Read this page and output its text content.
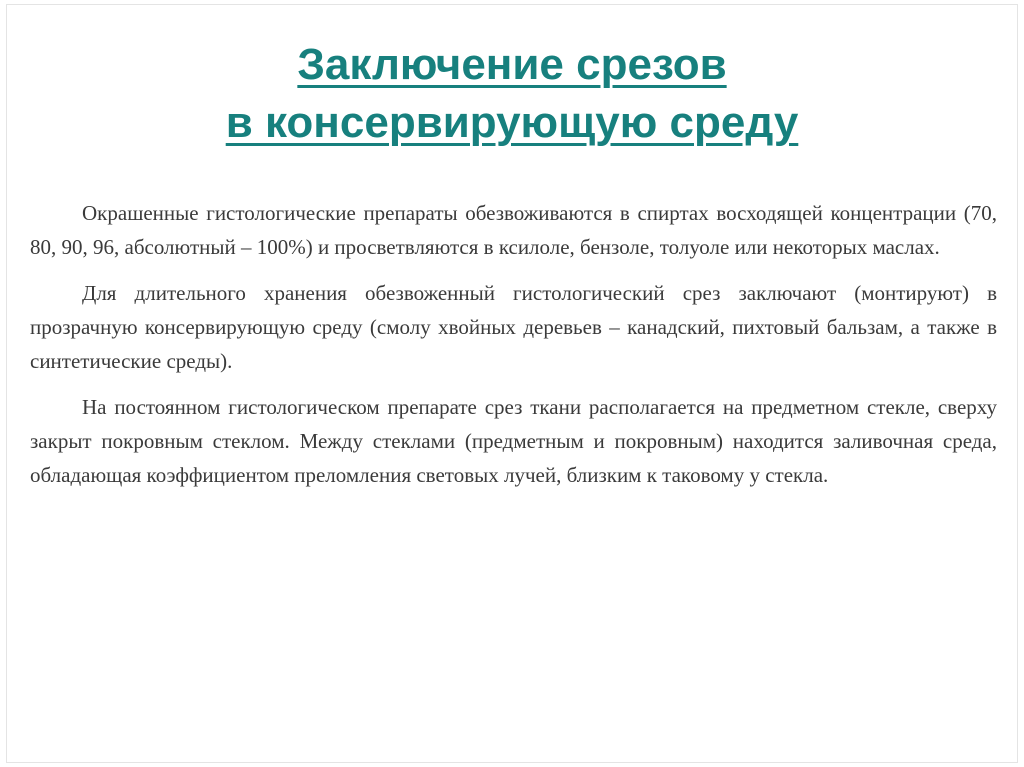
Заключение срезов
в консервирующую среду

Окрашенные гистологические препараты обезвоживаются в спиртах восходящей концентрации (70, 80, 90, 96, абсолютный – 100%) и просветвляются в ксилоле, бензоле, толуоле или некоторых маслах.

Для длительного хранения обезвоженный гистологический срез заключают (монтируют) в прозрачную консервирующую среду (смолу хвойных деревьев – канадский, пихтовый бальзам, а также в синтетические среды).

На постоянном гистологическом препарате срез ткани располагается на предметном стекле, сверху закрыт покровным стеклом. Между стеклами (предметным и покровным) находится заливочная среда, обладающая коэффициентом преломления световых лучей, близким к таковому у стекла.
